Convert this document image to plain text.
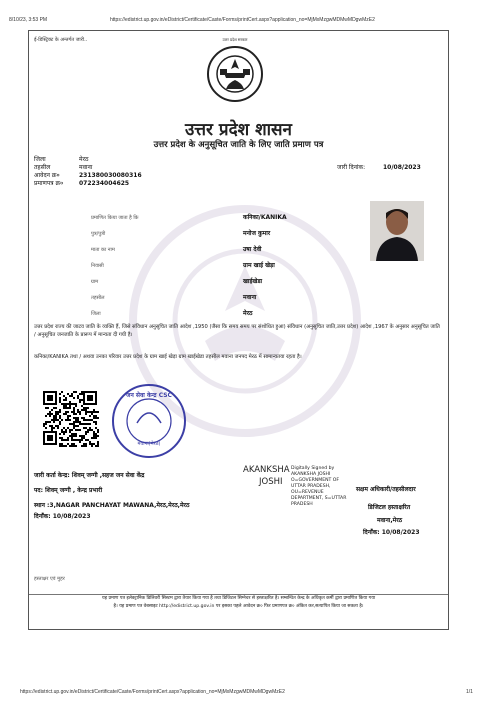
8/10/23, 3:53 PM	https://edistrict.up.gov.in/eDistrict/Certificate/Caste/Forms/printCert.aspx?application_no=MjMxMzgwMDMwMDgwMzE2
ई-डिस्ट्रिक्ट के अन्तर्गत जारी..	उत्तर प्रदेश सरकार
उत्तर प्रदेश शासन
उत्तर प्रदेश के अनुसूचित जाति के लिए जाति प्रमाण पत्र
जिला	मेरठ
तहसील	मवाना
आवेदन क्र०	231380030080316
प्रमाणपत्र क्र०	072234004625
जारी दिनांक:	10/08/2023
प्रमाणित किया जाता है कि	कनिका/KANIKA
पुत्र/पुत्री	मनोज कुमार
माता का नाम	उषा देवी
निवासी	ग्राम खाई खेड़ा
ग्राम	खाईखेडा
तहसील	मवाना
जिला	मेरठ
उत्तर प्रदेश राज्य की जाटव जाति के व्यक्ति हैं, जिसे संविधान अनुसूचित जाति आदेश ,1950 (जैसा कि समय समय पर संशोधित हुआ) संविधान (अनुसूचित जाति,उत्तर प्रदेश) आदेश ,1967 के अनुसार अनुसूचित जाति / अनुसूचित जनजाति के प्रारूप में मान्यता दी गयी है।
कनिका/KANIKA तथा / अथवा उनका परिवार उत्तर प्रदेश के ग्राम खाई खेड़ा ग्राम खाईखेडा तहसील मवाना जनपद मेरठ में सामान्यतया रहता है।
जन सेवा केन्द्र CSC
मवाना(मेरठ)
जारी कर्ता केन्द्र: शिवम् जग्गी ,सहज जन सेवा केंद्र
पद: शिवम् जग्गी , केन्द्र प्रभारी
स्थान :3,NAGAR PANCHAYAT MAWANA,मेरठ,मेरठ,मेरठ
दिनाँक: 10/08/2023
AKANKSHA
JOSHI
Digitally Signed by AKANKSHA JOSHI O=GOVERNMENT OF UTTAR PRADESH, OU=REVENUE DEPARTMENT, S=UTTAR PRADESH
सक्षम अधिकारी/तहसीलदार
डिजिटल हस्ताक्षरित
मवाना,मेरठ
दिनाँक: 10/08/2023
हस्ताक्षर एवं मुहर
यह प्रमाण पत्र इलेक्ट्रानिक डिलिवरी सिस्टम द्वारा तैयार किया गया है तथा डिजिटल सिग्नेचर से हस्ताक्षरित है। सम्बन्धित केन्द्र के अधिकृत कर्मी द्वारा प्रमाणित किया गया
है। यह प्रमाण पत्र वेबसाइट http://edistrict.up.gov.in पर इसका पहले आवेदन क्र० फिर प्रमाणपत्र क्र० अंकित कर,सत्यापित किया जा सकता है।
https://edistrict.up.gov.in/eDistrict/Certificate/Caste/Forms/printCert.aspx?application_no=MjMxMzgwMDMwMDgwMzE2	1/1
